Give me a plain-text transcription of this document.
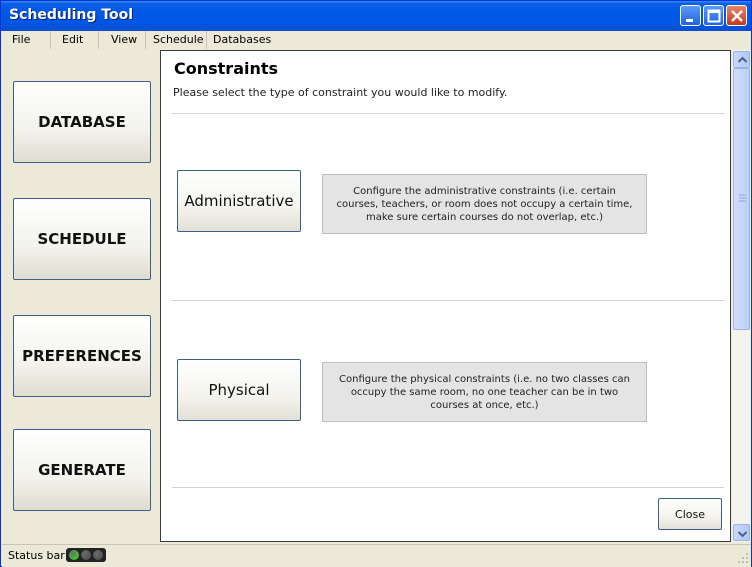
Scheduling Tool
File	Edit	View Schedule Databases
DATABASE
SCHEDULE
PREFERENCES
GENERATE
Constraints
Please select the type of constraint you would like to modify.
Administrative
Configure the administrative constraints (i.e. certain courses, teachers, or room does not occupy a certain time, make sure certain courses do not overlap, etc.)
Physical
Configure the physical constraints (i.e. no two classes can occupy the same room, no one teacher can be in two courses at once, etc.)
Close
Status bar
